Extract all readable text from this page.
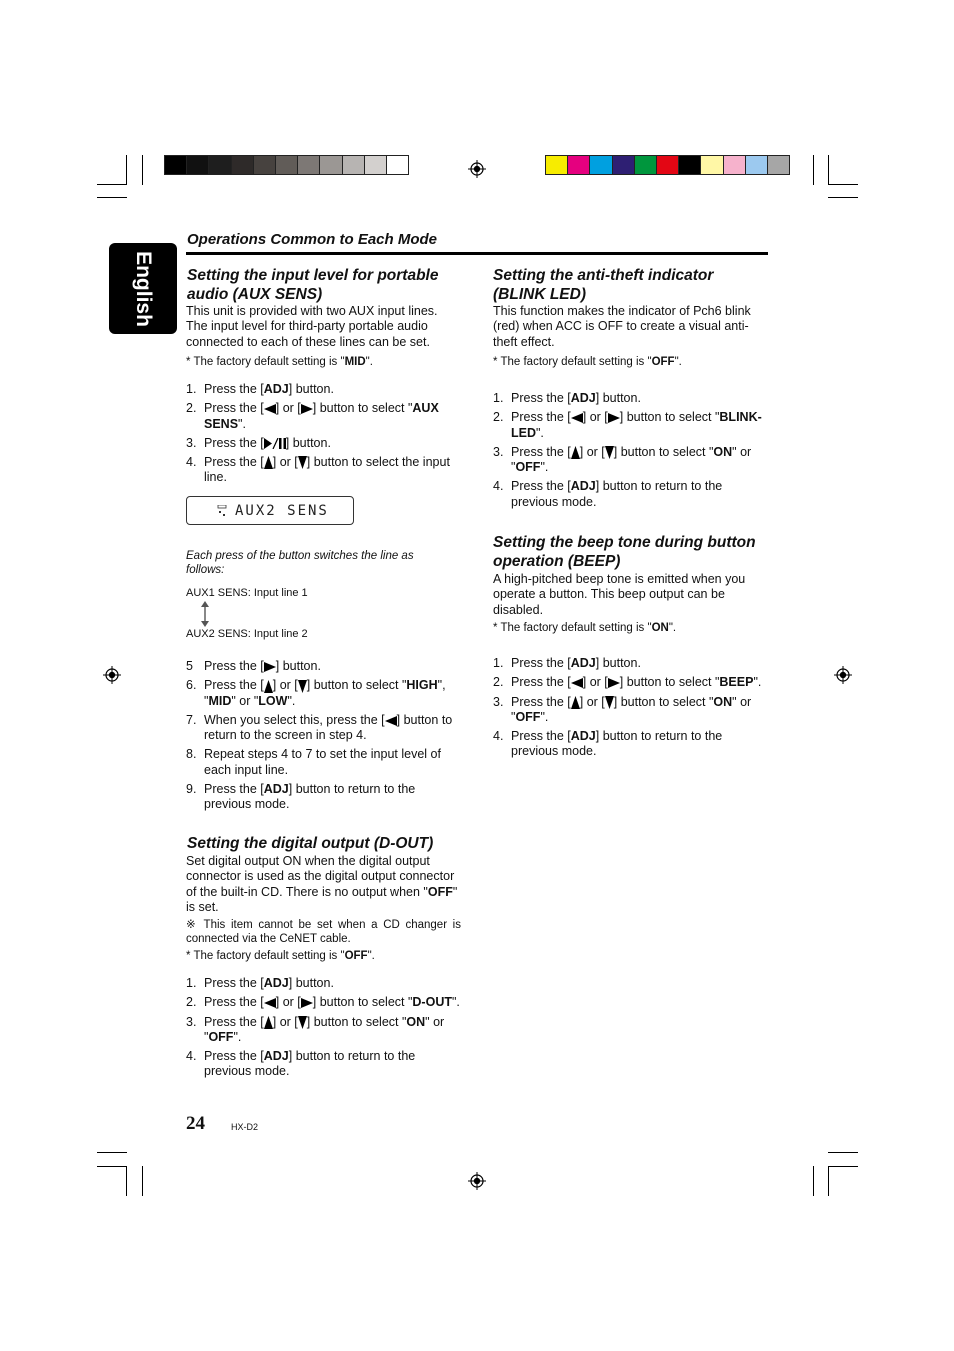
English
Operations Common to Each Mode
Setting the input level for portable audio (AUX SENS)
This unit is provided with two AUX input lines. The input level for third-party portable audio connected to each of these lines can be set.
* The factory default setting is "MID".
1. Press the [ADJ] button.
2. Press the [ ] or [ ] button to select "AUX SENS".
3. Press the [ ] button.
4. Press the [ ] or [ ] button to select the input line.
AUX2 SENS
Each press of the button switches the line as follows:
AUX1 SENS: Input line 1
AUX2 SENS: Input line 2
5 Press the [ ] button.
6. Press the [ ] or [ ] button to select "HIGH", "MID" or "LOW".
7. When you select this, press the [ ] button to return to the screen in step 4.
8. Repeat steps 4 to 7 to set the input level of each input line.
9. Press the [ADJ] button to return to the previous mode.
Setting the digital output (D-OUT)
Set digital output ON when the digital output connector is used as the digital output connector of the built-in CD. There is no output when "OFF" is set.
※ This item cannot be set when a CD changer is connected via the CeNET cable.
* The factory default setting is "OFF".
1. Press the [ADJ] button.
2. Press the [ ] or [ ] button to select "D-OUT".
3. Press the [ ] or [ ] button to select "ON" or "OFF".
4. Press the [ADJ] button to return to the previous mode.
Setting the anti-theft indicator (BLINK LED)
This function makes the indicator of Pch6 blink (red) when ACC is OFF to create a visual anti-theft effect.
* The factory default setting is "OFF".
1. Press the [ADJ] button.
2. Press the [ ] or [ ] button to select "BLINK-LED".
3. Press the [ ] or [ ] button to select "ON" or "OFF".
4. Press the [ADJ] button to return to the previous mode.
Setting the beep tone during button operation (BEEP)
A high-pitched beep tone is emitted when you operate a button. This beep output can be disabled.
* The factory default setting is "ON".
1. Press the [ADJ] button.
2. Press the [ ] or [ ] button to select "BEEP".
3. Press the [ ] or [ ] button to select "ON" or "OFF".
4. Press the [ADJ] button to return to the previous mode.
24	HX-D2
